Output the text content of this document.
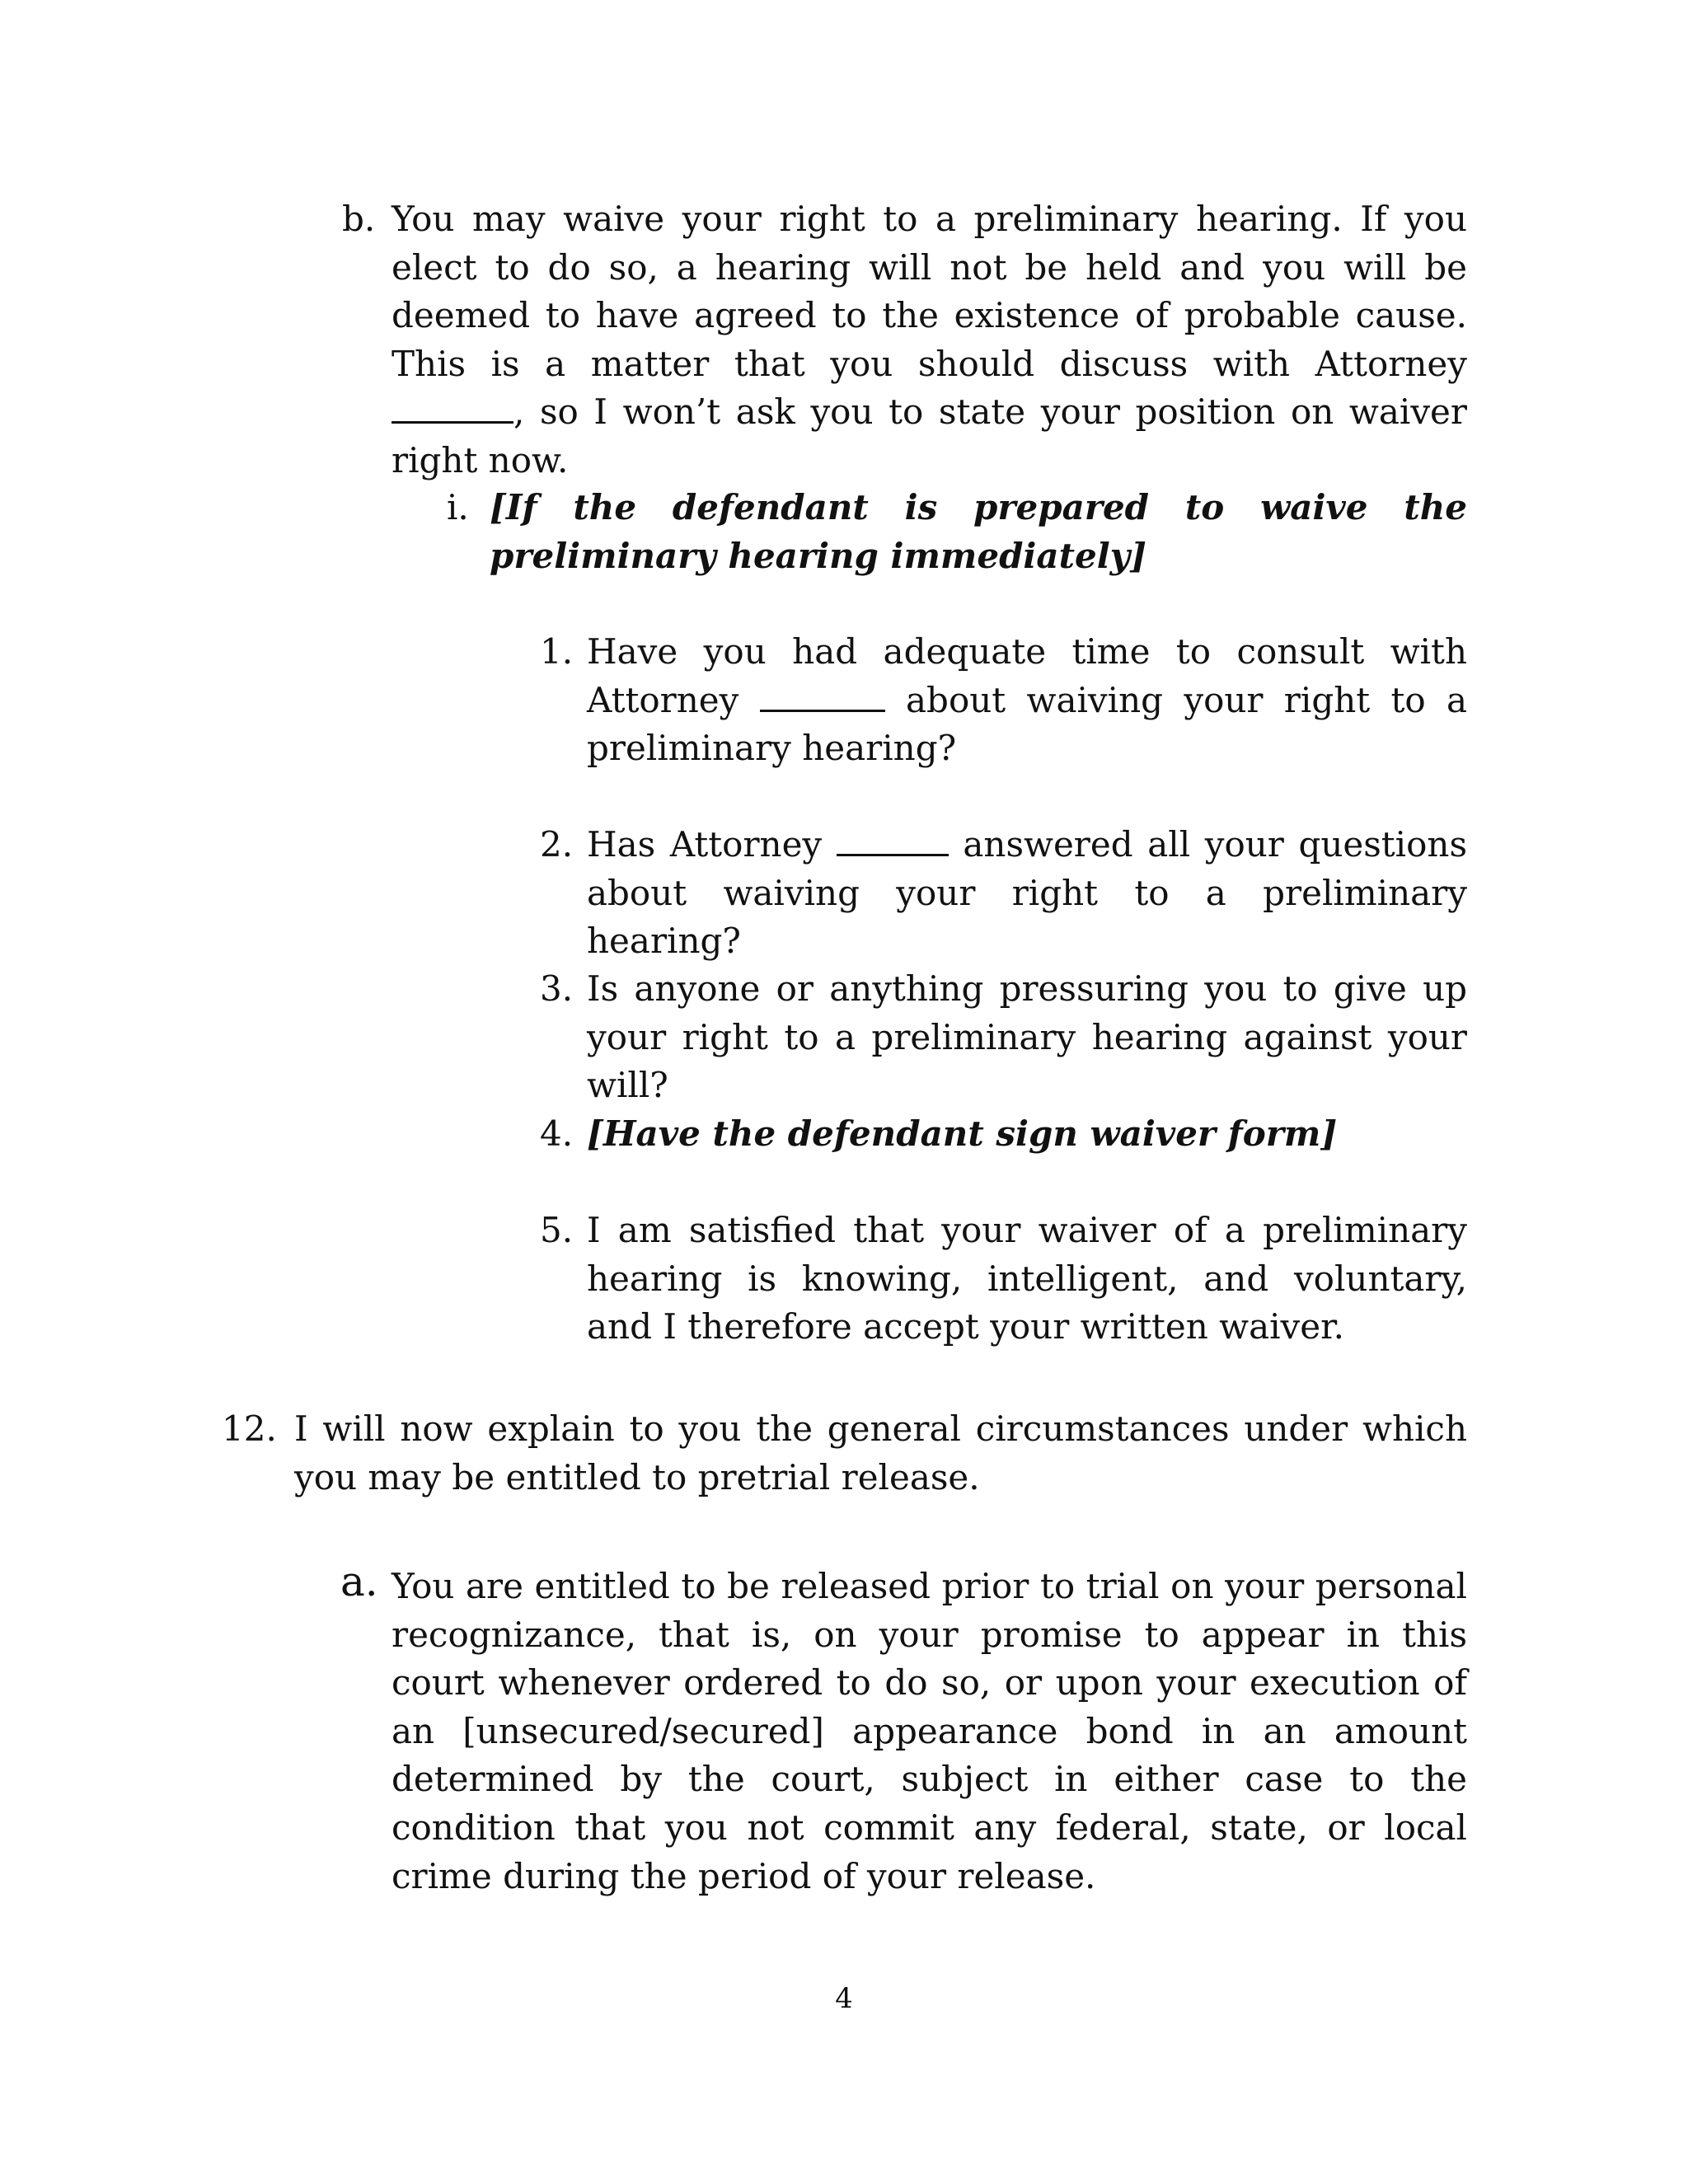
b. You may waive your right to a preliminary hearing. If you elect to do so, a hearing will not be held and you will be deemed to have agreed to the existence of probable cause. This is a matter that you should discuss with Attorney , so I won’t ask you to state your position on waiver right now.
i. [If the defendant is prepared to waive the preliminary hearing immediately]
1. Have you had adequate time to consult with Attorney	about waiving your right to a preliminary hearing?
2. Has Attorney	answered all your questions about waiving your right to a preliminary hearing?
3. Is anyone or anything pressuring you to give up your right to a preliminary hearing against your will?
4. [Have the defendant sign waiver form]
5. I am satisfied that your waiver of a preliminary hearing is knowing, intelligent, and voluntary, and I therefore accept your written waiver.
12. I will now explain to you the general circumstances under which you may be entitled to pretrial release.
a. You are entitled to be released prior to trial on your personal recognizance, that is, on your promise to appear in this court whenever ordered to do so, or upon your execution of an [unsecured/secured] appearance bond in an amount determined by the court, subject in either case to the condition that you not commit any federal, state, or local crime during the period of your release.
4
